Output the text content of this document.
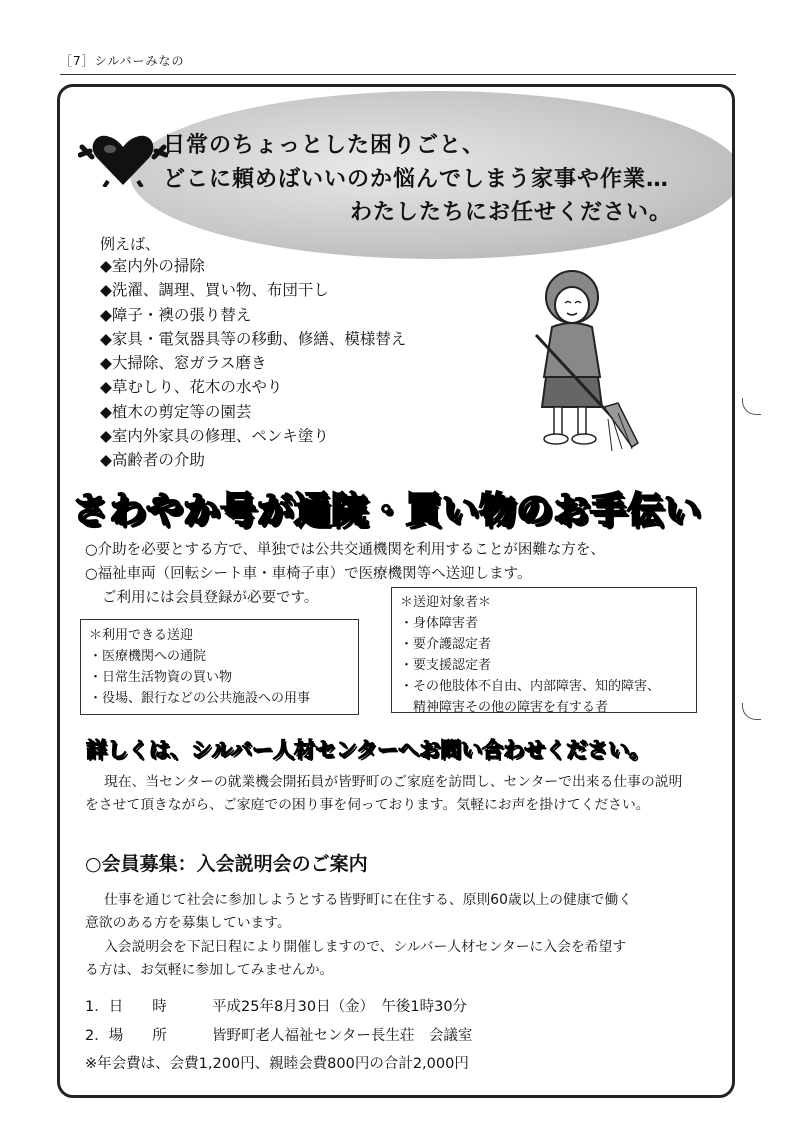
［7］シルバーみなの
日常のちょっとした困りごと、
どこに頼めばいいのか悩んでしまう家事や作業…
わたしたちにお任せください。
例えば、
◆室内外の掃除
◆洗濯、調理、買い物、布団干し
◆障子・襖の張り替え
◆家具・電気器具等の移動、修繕、模様替え
◆大掃除、窓ガラス磨き
◆草むしり、花木の水やり
◆植木の剪定等の園芸
◆室内外家具の修理、ペンキ塗り
◆高齢者の介助
さわやか号が通院・買い物のお手伝い
○介助を必要とする方で、単独では公共交通機関を利用することが困難な方を、
○福祉車両（回転シート車・車椅子車）で医療機関等へ送迎します。
ご利用には会員登録が必要です。
＊利用できる送迎
・医療機関への通院
・日常生活物資の買い物
・役場、銀行などの公共施設への用事
＊送迎対象者＊
・身体障害者
・要介護認定者
・要支援認定者
・その他肢体不自由、内部障害、知的障害、
　精神障害その他の障害を有する者
詳しくは、シルバー人材センターへお問い合わせください。
現在、当センターの就業機会開拓員が皆野町のご家庭を訪問し、センターで出来る仕事の説明
をさせて頂きながら、ご家庭での困り事を伺っております。気軽にお声を掛けてください。
○会員募集：入会説明会のご案内
仕事を通じて社会に参加しようとする皆野町に在住する、原則60歳以上の健康で働く
意欲のある方を募集しています。
入会説明会を下記日程により開催しますので、シルバー人材センターに入会を希望す
る方は、お気軽に参加してみませんか。
1．日　　時	平成25年8月30日（金）　午後1時30分
2．場　　所	皆野町老人福祉センター長生荘　会議室
※年会費は、会費1,200円、親睦会費800円の合計2,000円
